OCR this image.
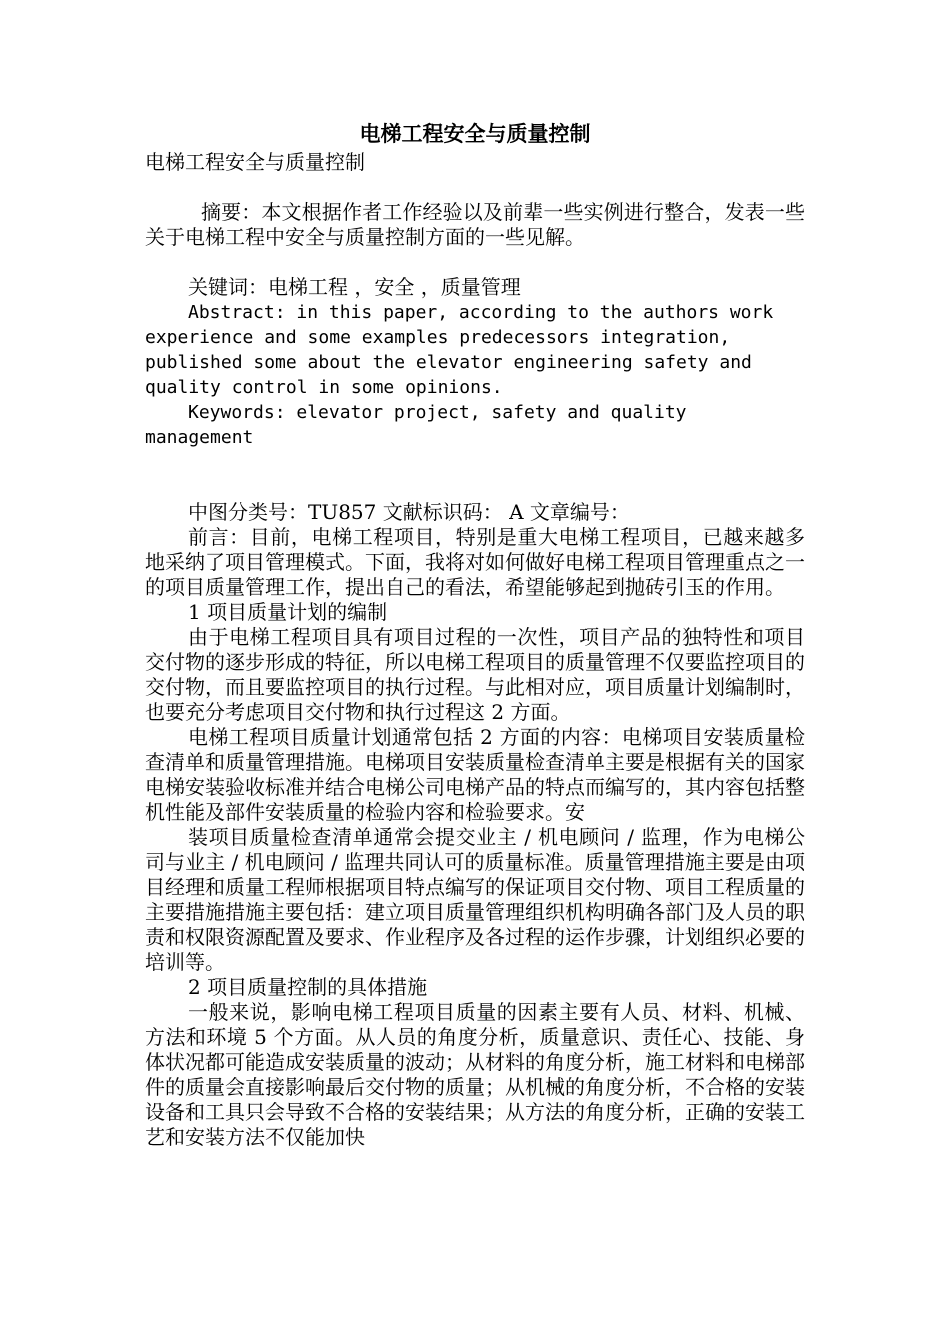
电梯工程安全与质量控制

电梯工程安全与质量控制

摘要：本文根据作者工作经验以及前辈一些实例进行整合，发表一些关于电梯工程中安全与质量控制方面的一些见解。

关键词：电梯工程 ，安全 ，质量管理

Abstract: in this paper, according to the authors work experience and some examples predecessors integration, published some about the elevator engineering safety and quality control in some opinions.

Keywords: elevator project, safety and quality management

中图分类号：TU857 文献标识码： A 文章编号：

前言：目前，电梯工程项目，特别是重大电梯工程项目，已越来越多地采纳了项目管理模式。下面，我将对如何做好电梯工程项目管理重点之一的项目质量管理工作，提出自己的看法，希望能够起到抛砖引玉的作用。

1 项目质量计划的编制

由于电梯工程项目具有项目过程的一次性，项目产品的独特性和项目交付物的逐步形成的特征，所以电梯工程项目的质量管理不仅要监控项目的交付物，而且要监控项目的执行过程。与此相对应，项目质量计划编制时，也要充分考虑项目交付物和执行过程这 2 方面。

电梯工程项目质量计划通常包括 2 方面的内容：电梯项目安装质量检查清单和质量管理措施。电梯项目安装质量检查清单主要是根据有关的国家电梯安装验收标准并结合电梯公司电梯产品的特点而编写的，其内容包括整机性能及部件安装质量的检验内容和检验要求。安

装项目质量检查清单通常会提交业主 / 机电顾问 / 监理，作为电梯公司与业主 / 机电顾问 / 监理共同认可的质量标准。质量管理措施主要是由项目经理和质量工程师根据项目特点编写的保证项目交付物、项目工程质量的主要措施措施主要包括：建立项目质量管理组织机构明确各部门及人员的职责和权限资源配置及要求、作业程序及各过程的运作步骤，计划组织必要的培训等。

2 项目质量控制的具体措施

一般来说，影响电梯工程项目质量的因素主要有人员、材料、机械、方法和环境 5 个方面。从人员的角度分析，质量意识、责任心、技能、身体状况都可能造成安装质量的波动；从材料的角度分析，施工材料和电梯部件的质量会直接影响最后交付物的质量；从机械的角度分析，不合格的安装设备和工具只会导致不合格的安装结果；从方法的角度分析，正确的安装工艺和安装方法不仅能加快
